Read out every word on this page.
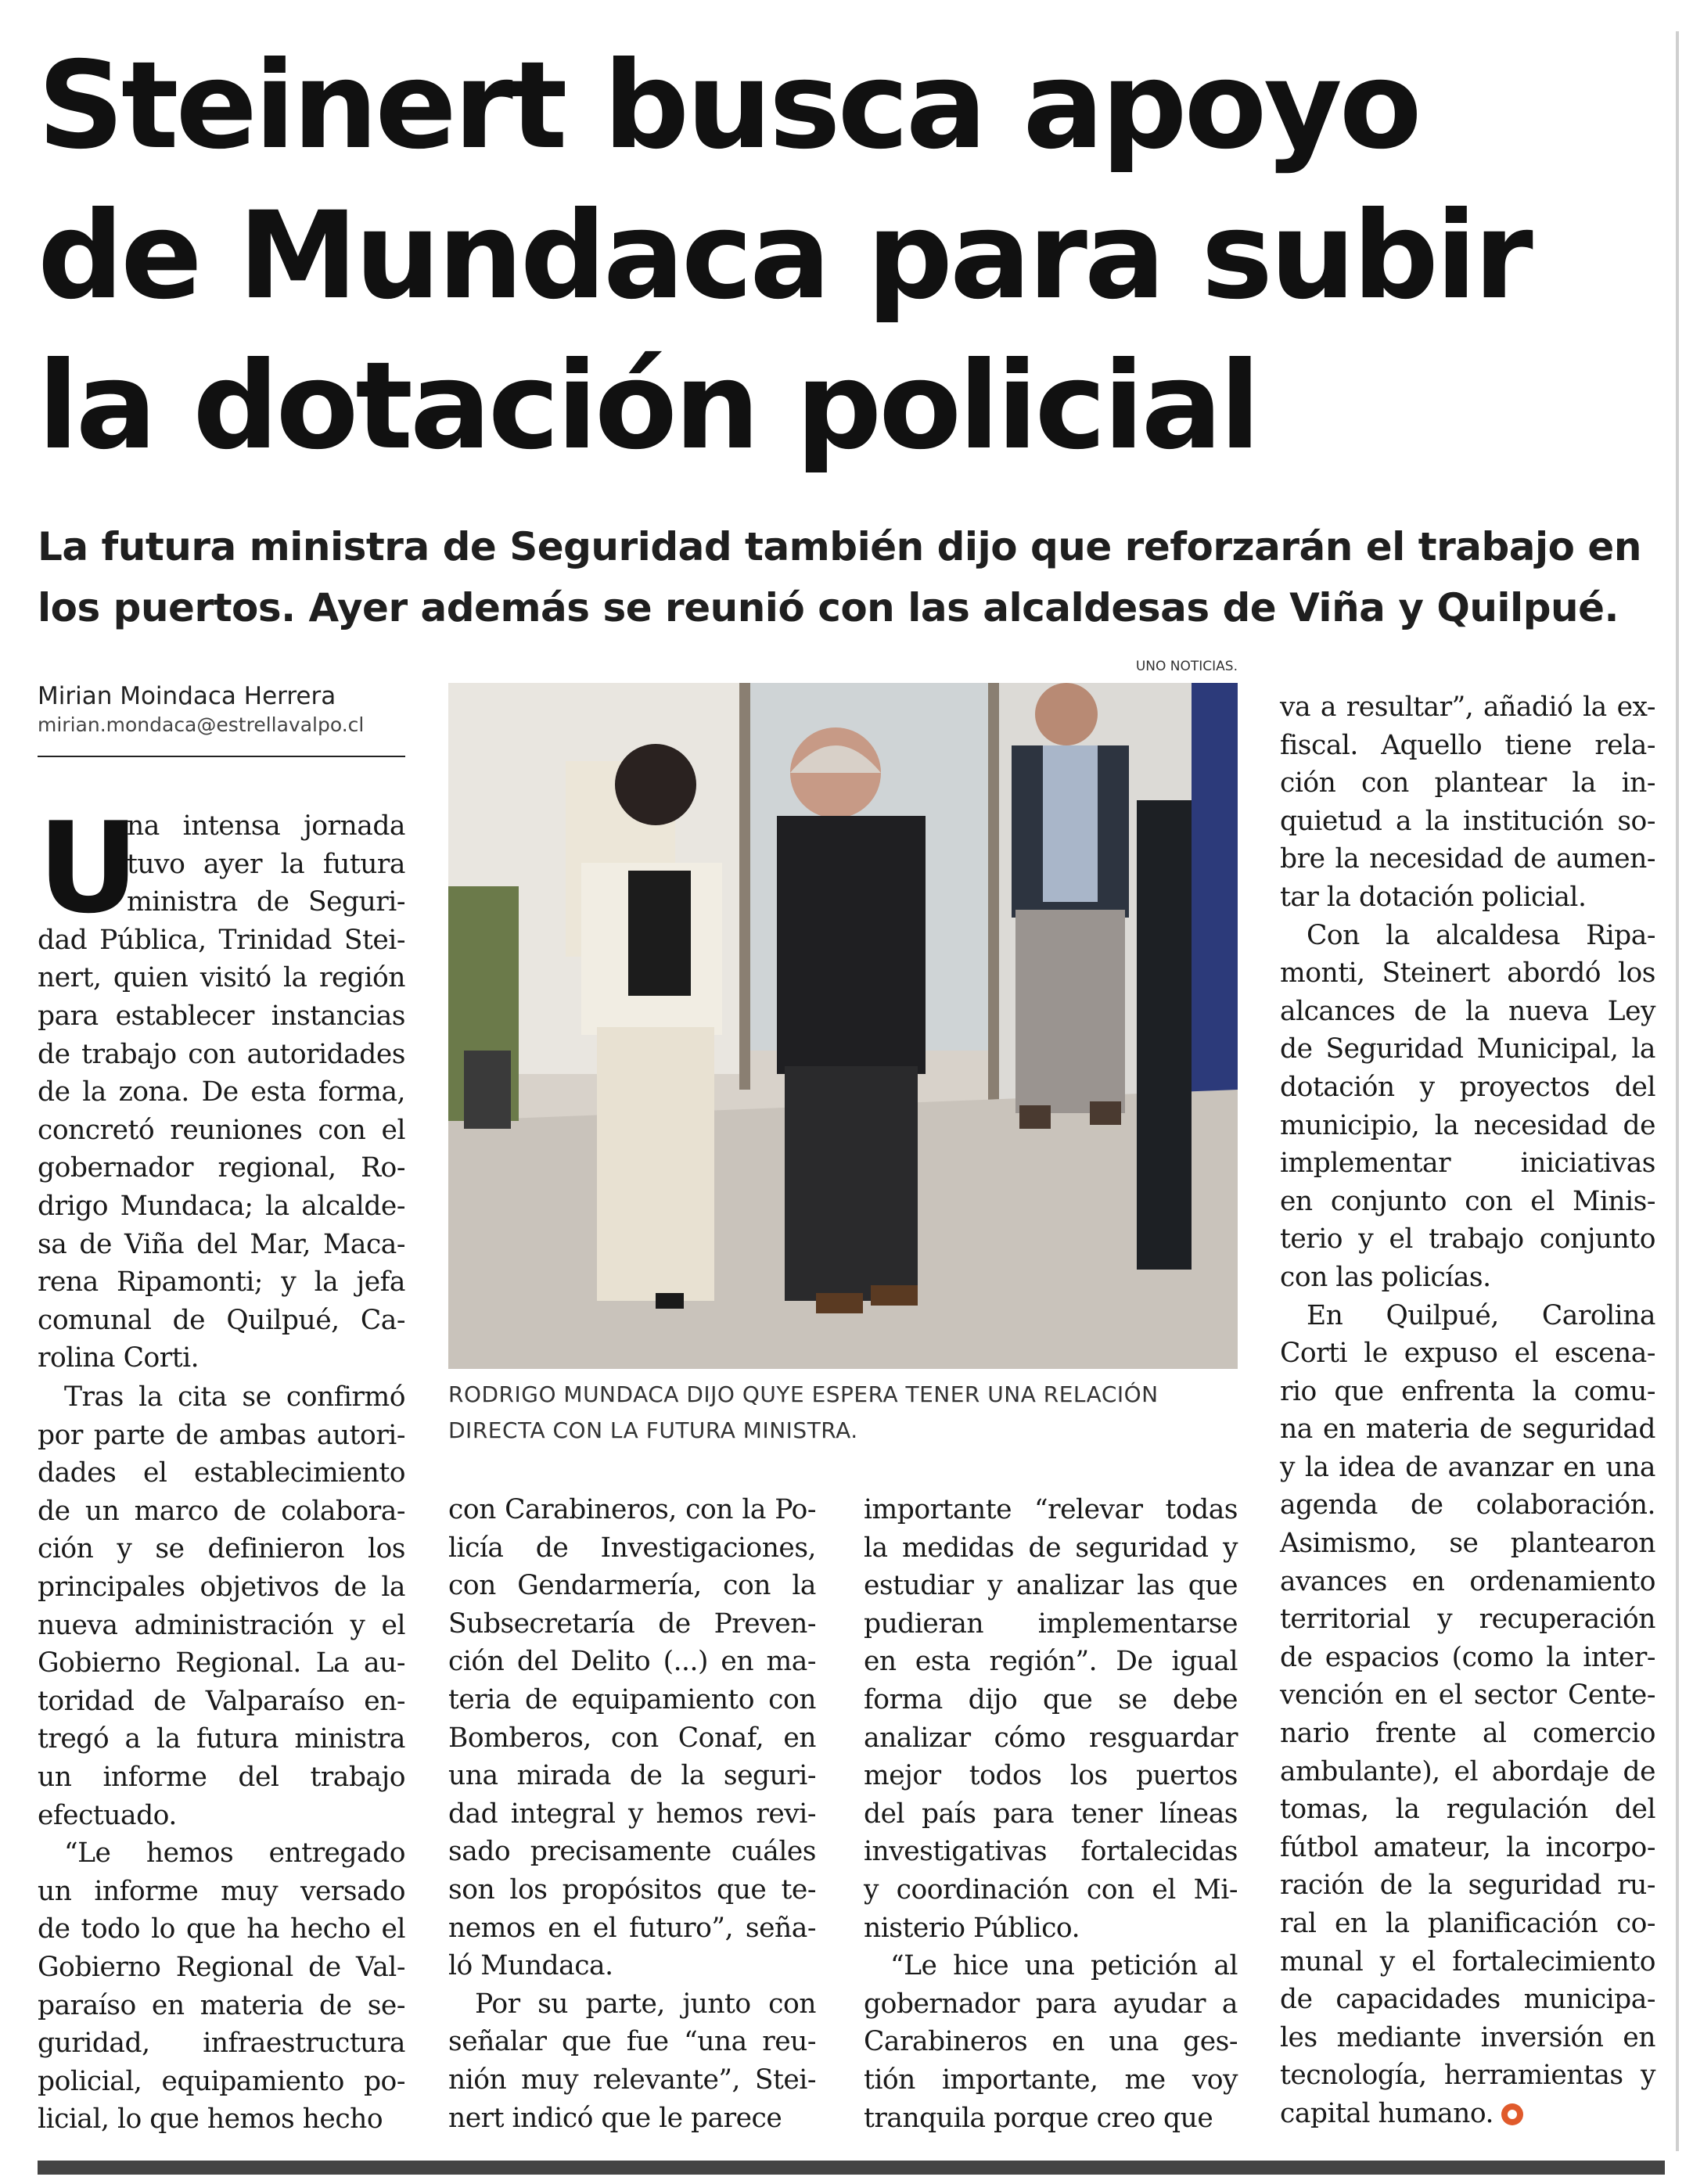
Steinert busca apoyo
de Mundaca para subir
la dotación policial
La futura ministra de Seguridad también dijo que reforzarán el trabajo en
los puertos. Ayer además se reunió con las alcaldesas de Viña y Quilpué.
UNO NOTICIAS.
Mirian Moindaca Herrera
mirian.mondaca@estrellavalpo.cl
RODRIGO MUNDACA DIJO QUYE ESPERA TENER UNA RELACIÓN
DIRECTA CON LA FUTURA MINISTRA.
U
na intensa jornada
tuvo ayer la futura
ministra de Seguri-
dad Pública, Trinidad Stei-
nert, quien visitó la región
para establecer instancias
de trabajo con autoridades
de la zona. De esta forma,
concretó reuniones con el
gobernador regional, Ro-
drigo Mundaca; la alcalde-
sa de Viña del Mar, Maca-
rena Ripamonti; y la jefa
comunal de Quilpué, Ca-
rolina Corti.
 Tras la cita se confirmó
por parte de ambas autori-
dades el establecimiento
de un marco de colabora-
ción y se definieron los
principales objetivos de la
nueva administración y el
Gobierno Regional. La au-
toridad de Valparaíso en-
tregó a la futura ministra
un informe del trabajo
efectuado.
 “Le hemos entregado
un informe muy versado
de todo lo que ha hecho el
Gobierno Regional de Val-
paraíso en materia de se-
guridad, infraestructura
policial, equipamiento po-
licial, lo que hemos hecho
con Carabineros, con la Po-
licía de Investigaciones,
con Gendarmería, con la
Subsecretaría de Preven-
ción del Delito (...) en ma-
teria de equipamiento con
Bomberos, con Conaf, en
una mirada de la seguri-
dad integral y hemos revi-
sado precisamente cuáles
son los propósitos que te-
nemos en el futuro”, seña-
ló Mundaca.
 Por su parte, junto con
señalar que fue “una reu-
nión muy relevante”, Stei-
nert indicó que le parece
importante “relevar todas
la medidas de seguridad y
estudiar y analizar las que
pudieran implementarse
en esta región”. De igual
forma dijo que se debe
analizar cómo resguardar
mejor todos los puertos
del país para tener líneas
investigativas fortalecidas
y coordinación con el Mi-
nisterio Público.
 “Le hice una petición al
gobernador para ayudar a
Carabineros en una ges-
tión importante, me voy
tranquila porque creo que
va a resultar”, añadió la ex-
fiscal. Aquello tiene rela-
ción con plantear la in-
quietud a la institución so-
bre la necesidad de aumen-
tar la dotación policial.
 Con la alcaldesa Ripa-
monti, Steinert abordó los
alcances de la nueva Ley
de Seguridad Municipal, la
dotación y proyectos del
municipio, la necesidad de
implementar iniciativas
en conjunto con el Minis-
terio y el trabajo conjunto
con las policías.
 En Quilpué, Carolina
Corti le expuso el escena-
rio que enfrenta la comu-
na en materia de seguridad
y la idea de avanzar en una
agenda de colaboración.
Asimismo, se plantearon
avances en ordenamiento
territorial y recuperación
de espacios (como la inter-
vención en el sector Cente-
nario frente al comercio
ambulante), el abordaje de
tomas, la regulación del
fútbol amateur, la incorpo-
ración de la seguridad ru-
ral en la planificación co-
munal y el fortalecimiento
de capacidades municipa-
les mediante inversión en
tecnología, herramientas y
capital humano.
